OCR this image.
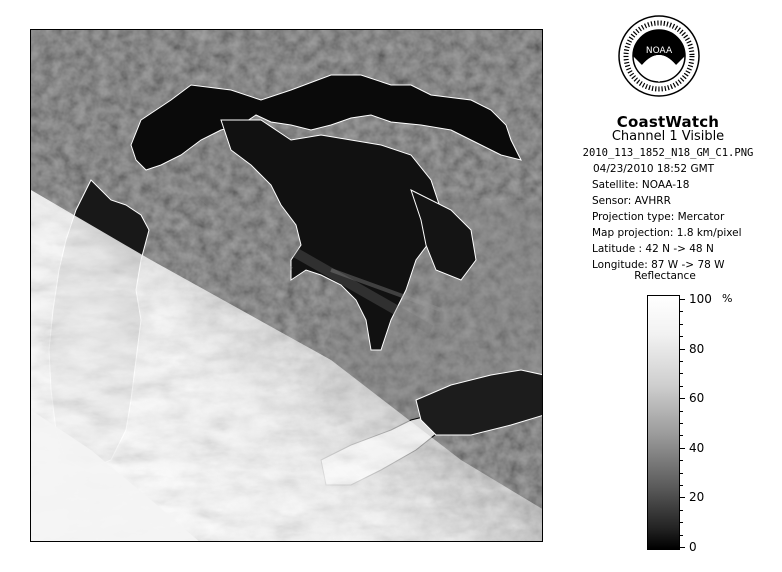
NOAA
CoastWatch
Channel 1 Visible
2010_113_1852_N18_GM_C1.PNG
04/23/2010 18:52 GMT
Satellite: NOAA-18
Sensor: AVHRR
Projection type: Mercator
Map projection: 1.8 km/pixel
Latitude : 42 N -> 48 N
Longitude: 87 W -> 78 W
Reflectance
%
100
80
60
40
20
0
